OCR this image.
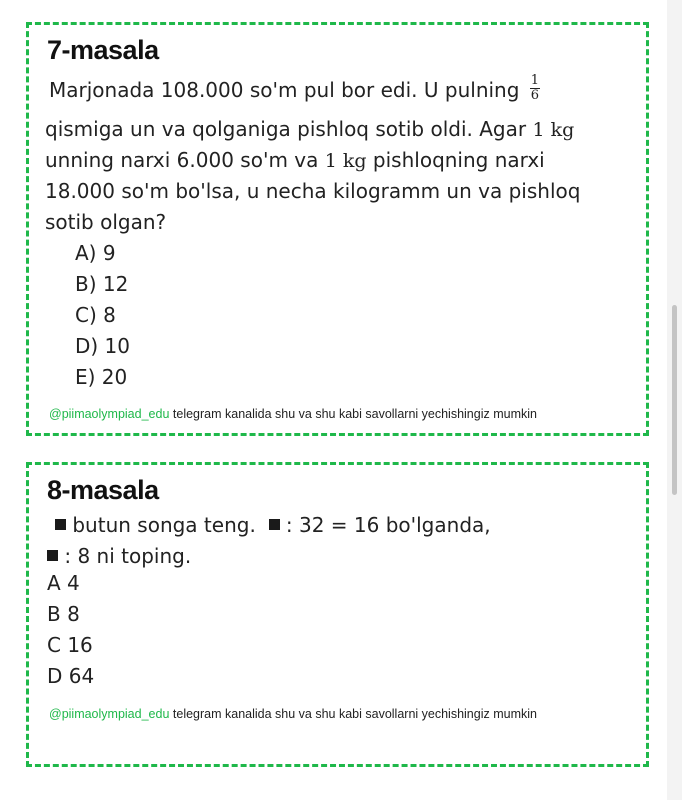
7-masala
Marjonada 108.000 so'm pul bor edi. U pulning $\frac{1}{6}$
qismiga un va qolganiga pishloq sotib oldi. Agar 1 kg
unning narxi 6.000 so'm va 1 kg pishloqning narxi
18.000 so'm bo'lsa, u necha kilogramm un va pishloq
sotib olgan?
A) 9
B) 12
C) 8
D) 10
E) 20
@piimaolympiad_edu telegram kanalida shu va shu kabi savollarni yechishingiz mumkin
8-masala
butun songa teng. : 32 = 16 bo'lganda,
: 8 ni toping.
A 4
B 8
C 16
D 64
@piimaolympiad_edu telegram kanalida shu va shu kabi savollarni yechishingiz mumkin
